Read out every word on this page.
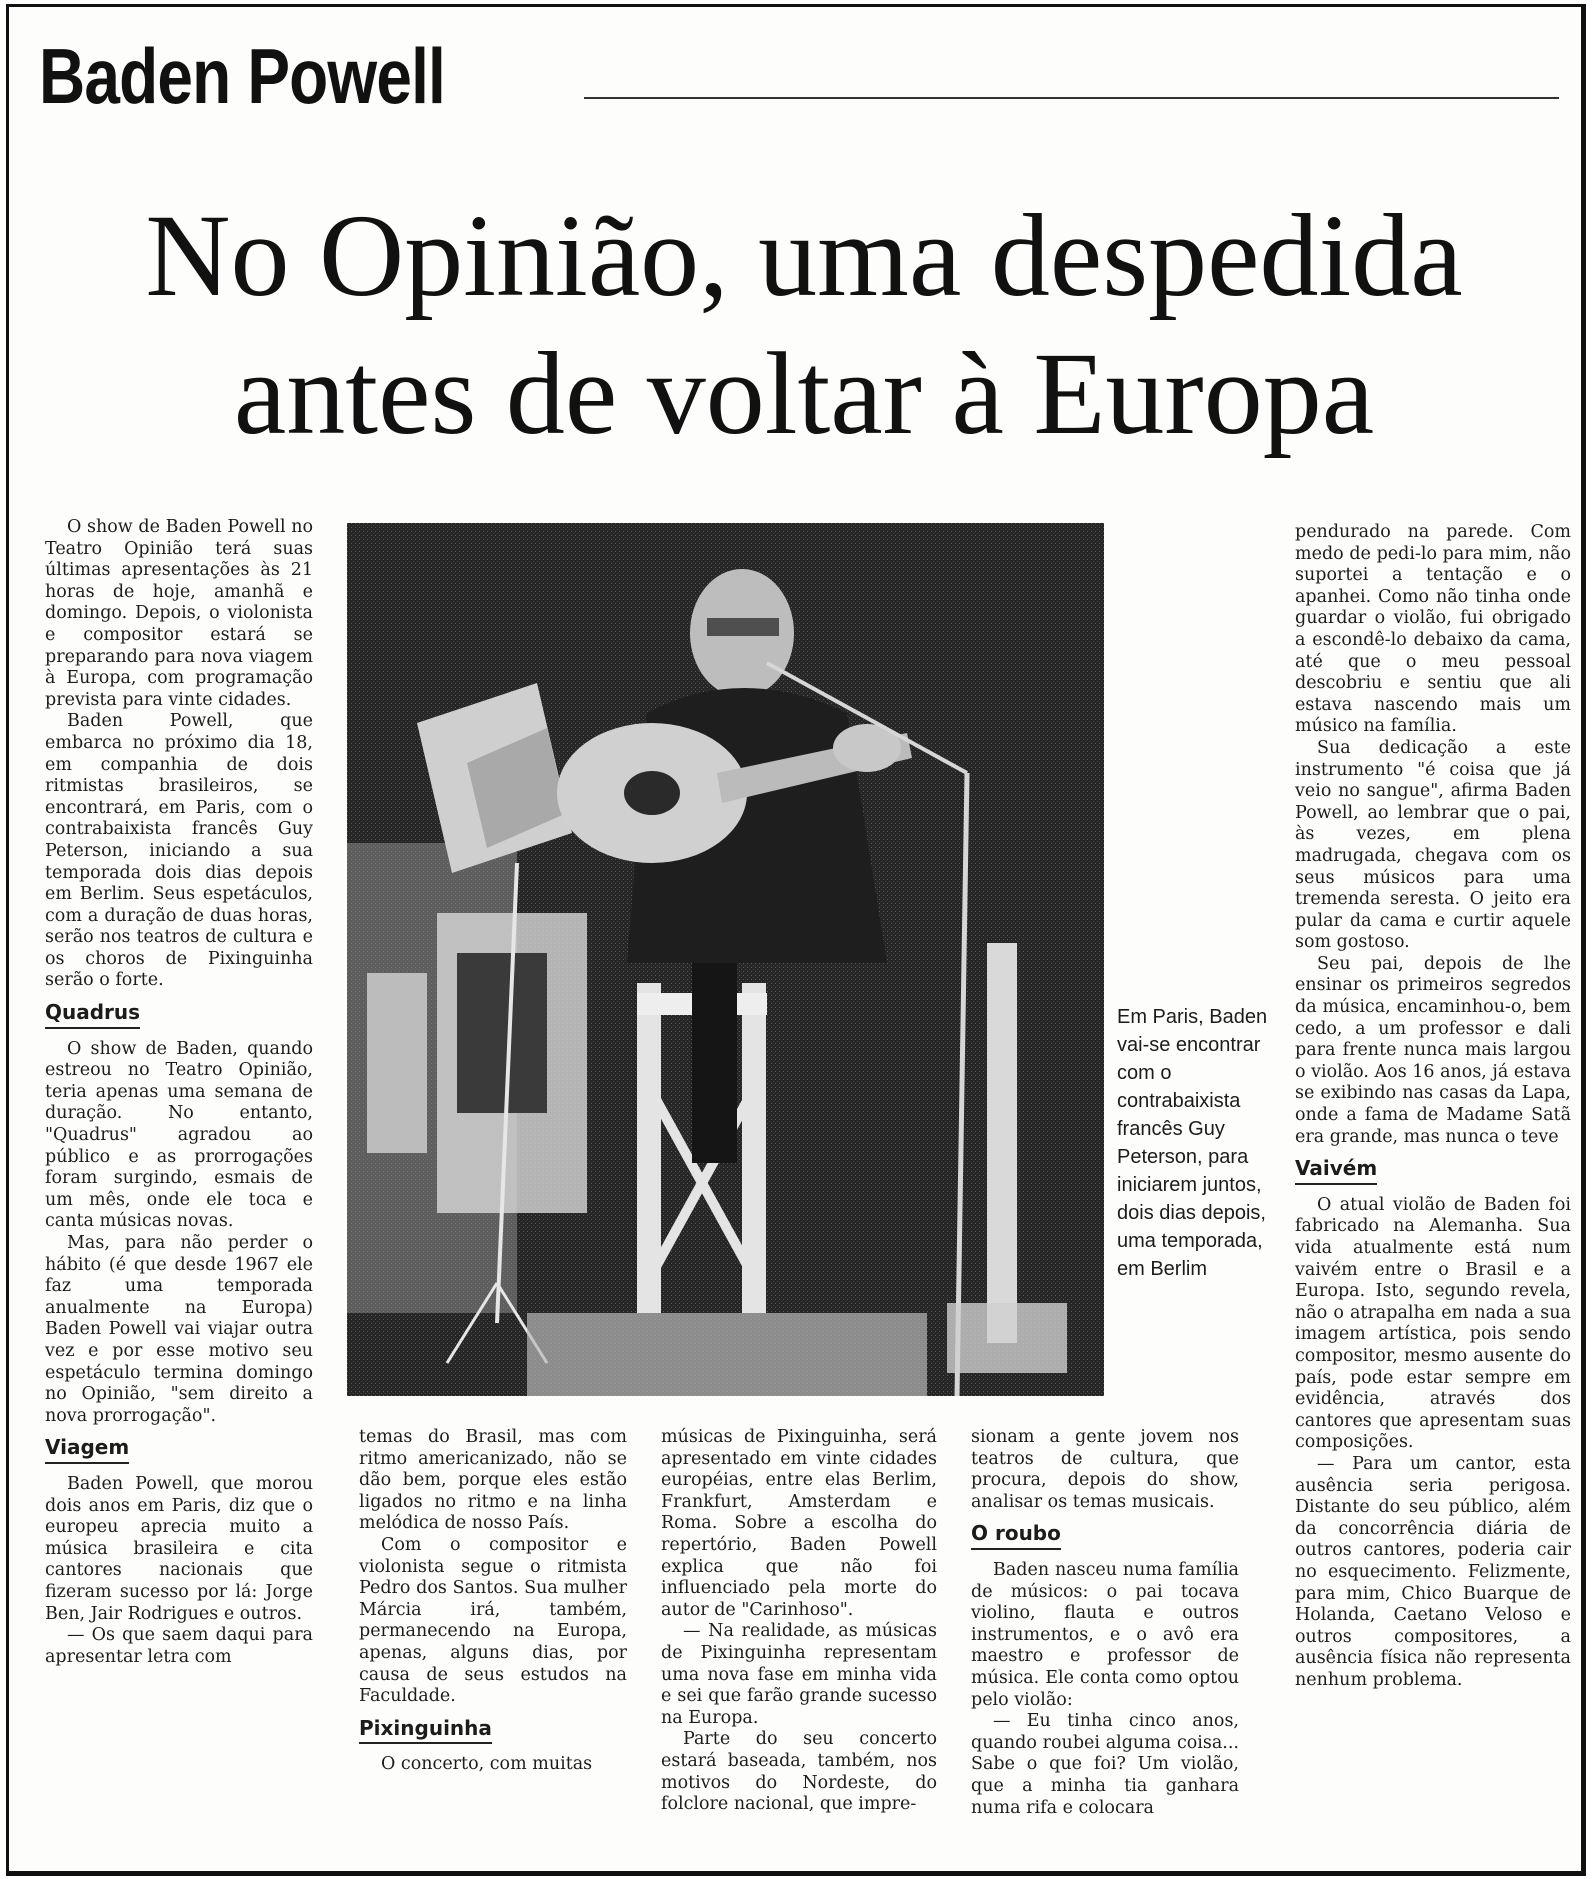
Baden Powell
No Opinião, uma despedida
antes de voltar à Europa

O show de Baden Powell no Teatro Opinião terá suas últimas apresentações às 21 horas de hoje, amanhã e domingo. Depois, o violonista e compositor estará se preparando para nova viagem à Europa, com programação prevista para vinte cidades.

Baden Powell, que embarca no próximo dia 18, em companhia de dois ritmistas brasileiros, se encontrará, em Paris, com o contrabaixista francês Guy Peterson, iniciando a sua temporada dois dias depois em Berlim. Seus espetáculos, com a duração de duas horas, serão nos teatros de cultura e os choros de Pixinguinha serão o forte.

Quadrus

O show de Baden, quando estreou no Teatro Opinião, teria apenas uma semana de duração. No entanto, "Quadrus" agradou ao público e as prorrogações foram surgindo, esmais de um mês, onde ele toca e canta músicas novas.

Mas, para não perder o hábito (é que desde 1967 ele faz uma temporada anualmente na Europa) Baden Powell vai viajar outra vez e por esse motivo seu espetáculo termina domingo no Opinião, "sem direito a nova prorrogação".

Viagem

Baden Powell, que morou dois anos em Paris, diz que o europeu aprecia muito a música brasileira e cita cantores nacionais que fizeram sucesso por lá: Jorge Ben, Jair Rodrigues e outros.

— Os que saem daqui para apresentar letra com

Em Paris, Baden vai-se encontrar com o contrabaixista francês Guy Peterson, para iniciarem juntos, dois dias depois, uma temporada, em Berlim

temas do Brasil, mas com ritmo americanizado, não se dão bem, porque eles estão ligados no ritmo e na linha melódica de nosso País.

Com o compositor e violonista segue o ritmista Pedro dos Santos. Sua mulher Márcia irá, também, permanecendo na Europa, apenas, alguns dias, por causa de seus estudos na Faculdade.

Pixinguinha

O concerto, com muitas

músicas de Pixinguinha, será apresentado em vinte cidades européias, entre elas Berlim, Frankfurt, Amsterdam e Roma. Sobre a escolha do repertório, Baden Powell explica que não foi influenciado pela morte do autor de "Carinhoso".

— Na realidade, as músicas de Pixinguinha representam uma nova fase em minha vida e sei que farão grande sucesso na Europa.

Parte do seu concerto estará baseada, também, nos motivos do Nordeste, do folclore nacional, que impre-

sionam a gente jovem nos teatros de cultura, que procura, depois do show, analisar os temas musicais.

O roubo

Baden nasceu numa família de músicos: o pai tocava violino, flauta e outros instrumentos, e o avô era maestro e professor de música. Ele conta como optou pelo violão:

— Eu tinha cinco anos, quando roubei alguma coisa... Sabe o que foi? Um violão, que a minha tia ganhara numa rifa e colocara

pendurado na parede. Com medo de pedi-lo para mim, não suportei a tentação e o apanhei. Como não tinha onde guardar o violão, fui obrigado a escondê-lo debaixo da cama, até que o meu pessoal descobriu e sentiu que ali estava nascendo mais um músico na família.

Sua dedicação a este instrumento "é coisa que já veio no sangue", afirma Baden Powell, ao lembrar que o pai, às vezes, em plena madrugada, chegava com os seus músicos para uma tremenda seresta. O jeito era pular da cama e curtir aquele som gostoso.

Seu pai, depois de lhe ensinar os primeiros segredos da música, encaminhou-o, bem cedo, a um professor e dali para frente nunca mais largou o violão. Aos 16 anos, já estava se exibindo nas casas da Lapa, onde a fama de Madame Satã era grande, mas nunca o teve

Vaivém

O atual violão de Baden foi fabricado na Alemanha. Sua vida atualmente está num vaivém entre o Brasil e a Europa. Isto, segundo revela, não o atrapalha em nada a sua imagem artística, pois sendo compositor, mesmo ausente do país, pode estar sempre em evidência, através dos cantores que apresentam suas composições.

— Para um cantor, esta ausência seria perigosa. Distante do seu público, além da concorrência diária de outros cantores, poderia cair no esquecimento. Felizmente, para mim, Chico Buarque de Holanda, Caetano Veloso e outros compositores, a ausência física não representa nenhum problema.
